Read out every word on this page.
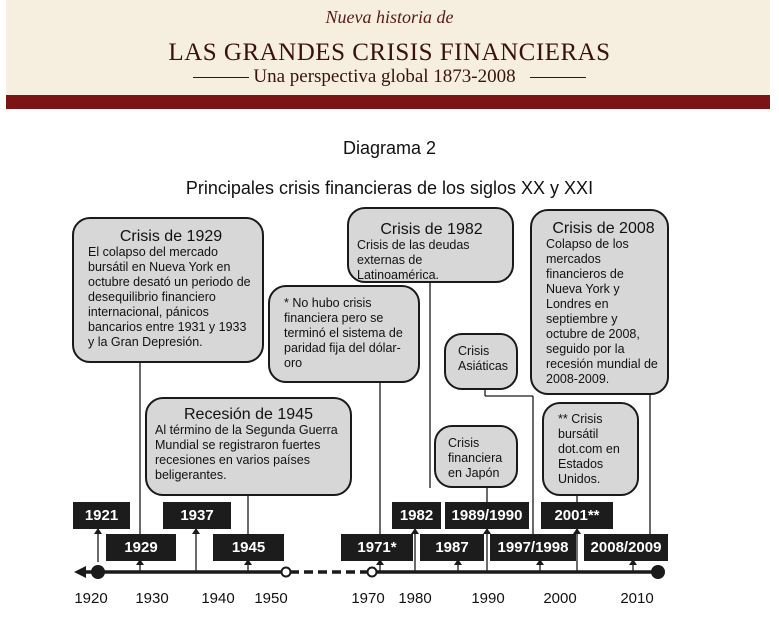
Nueva historia de
LAS GRANDES CRISIS FINANCIERAS
Una perspectiva global 1873-2008
Diagrama 2
Principales crisis financieras de los siglos XX y XXI
Crisis de 1929
El colapso del mercado bursátil en Nueva York en octubre desató un periodo de desequilibrio financiero internacional, pánicos bancarios entre 1931 y 1933 y la Gran Depresión.
Recesión de 1945
Al término de la Segunda Guerra Mundial se registraron fuertes recesiones en varios países beligerantes.
* No hubo crisis financiera pero se terminó el sistema de paridad fija del dólar-oro
Crisis de 1982
Crisis de las deudas externas de Latinoamérica.
Crisis Asiáticas
Crisis financiera en Japón
Crisis de 2008
Colapso de los mercados financieros de Nueva York y Londres en septiembre y octubre de 2008, seguido por la recesión mundial de 2008-2009.
** Crisis bursátil dot.com en Estados Unidos.
1921
1929
1937
1945	1971*
1982
1987
1989/1990
1997/1998
2001**
2008/2009
1920 1930 1940 1950	1970 1980	1990	2000	2010
